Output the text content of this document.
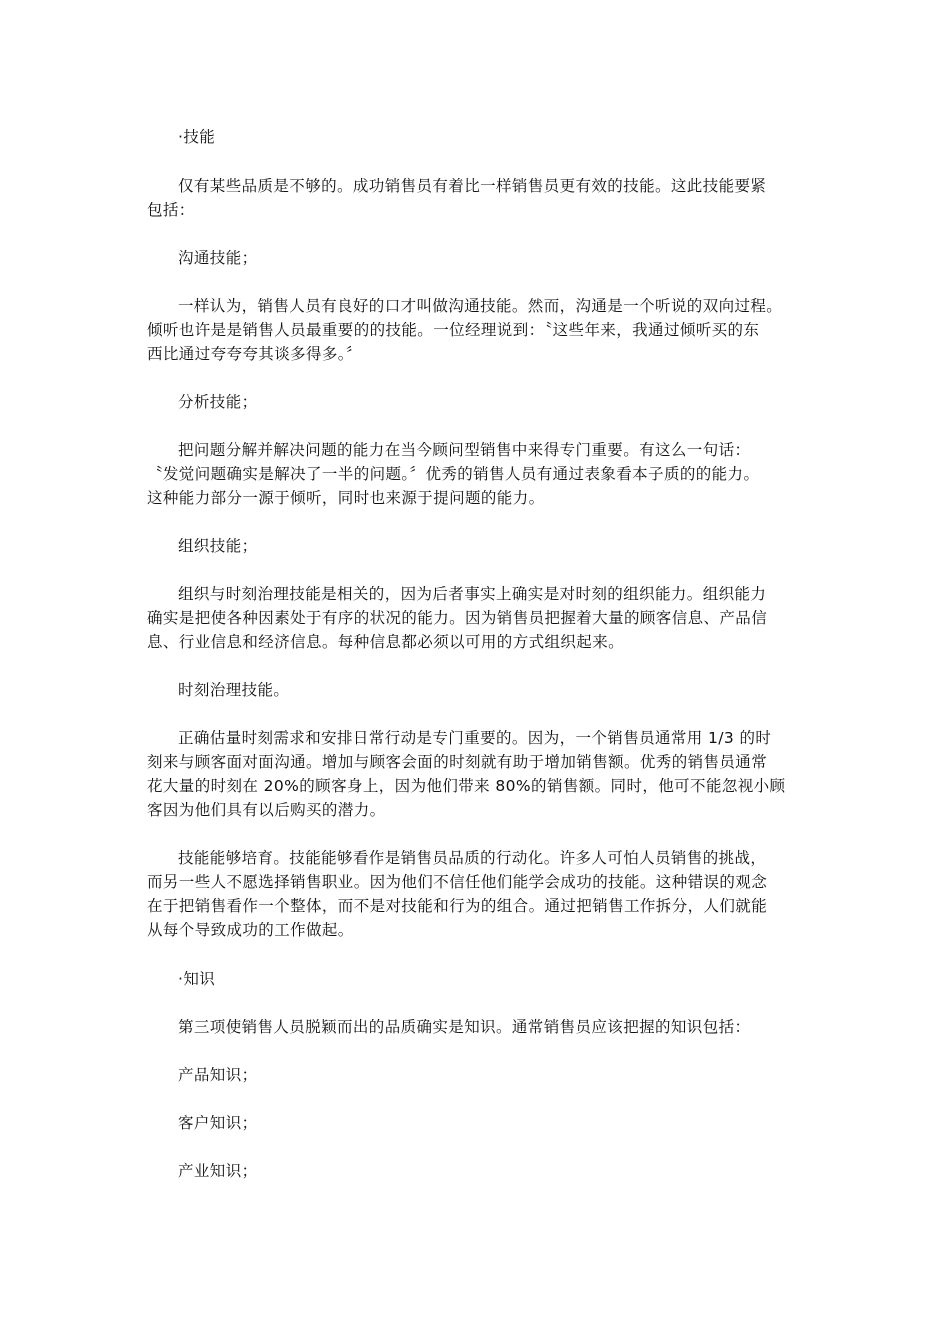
·技能
仅有某些品质是不够的。成功销售员有着比一样销售员更有效的技能。这此技能要紧
包括：
沟通技能；
一样认为，销售人员有良好的口才叫做沟通技能。然而，沟通是一个听说的双向过程。
倾听也许是是销售人员最重要的的技能。一位经理说到：〝这些年来，我通过倾听买的东
西比通过夸夸夸其谈多得多。〞
分析技能；
把问题分解并解决问题的能力在当今顾问型销售中来得专门重要。有这么一句话：
〝发觉问题确实是解决了一半的问题。〞优秀的销售人员有通过表象看本子质的的能力。
这种能力部分一源于倾听，同时也来源于提问题的能力。
组织技能；
组织与时刻治理技能是相关的，因为后者事实上确实是对时刻的组织能力。组织能力
确实是把使各种因素处于有序的状况的能力。因为销售员把握着大量的顾客信息、产品信
息、行业信息和经济信息。每种信息都必须以可用的方式组织起来。
时刻治理技能。
正确估量时刻需求和安排日常行动是专门重要的。因为，一个销售员通常用 1/3 的时
刻来与顾客面对面沟通。增加与顾客会面的时刻就有助于增加销售额。优秀的销售员通常
花大量的时刻在 20%的顾客身上，因为他们带来 80%的销售额。同时，他可不能忽视小顾
客因为他们具有以后购买的潜力。
技能能够培育。技能能够看作是销售员品质的行动化。许多人可怕人员销售的挑战，
而另一些人不愿选择销售职业。因为他们不信任他们能学会成功的技能。这种错误的观念
在于把销售看作一个整体，而不是对技能和行为的组合。通过把销售工作拆分，人们就能
从每个导致成功的工作做起。
·知识
第三项使销售人员脱颖而出的品质确实是知识。通常销售员应该把握的知识包括：
产品知识；
客户知识；
产业知识；
